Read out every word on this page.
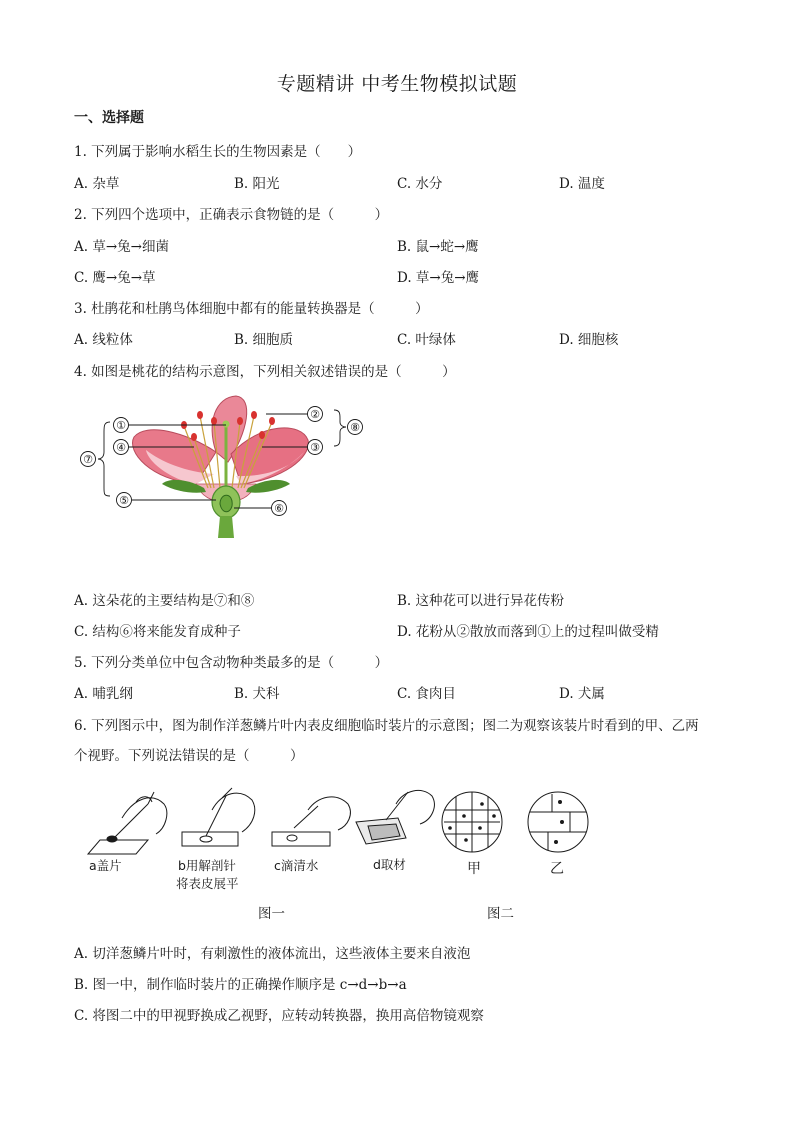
专题精讲 中考生物模拟试题
一、选择题
1. 下列属于影响水稻生长的生物因素是（　　）
A. 杂草	B. 阳光	C. 水分	D. 温度
2. 下列四个选项中，正确表示食物链的是（　　　）
A. 草→兔→细菌	B. 鼠→蛇→鹰
C. 鹰→兔→草	D. 草→兔→鹰
3. 杜鹃花和杜鹃鸟体细胞中都有的能量转换器是（　　　）
A. 线粒体	B. 细胞质	C. 叶绿体	D. 细胞核
4. 如图是桃花的结构示意图，下列相关叙述错误的是（　　　）
①
②
③
④
⑤
⑥
⑦
⑧
A. 这朵花的主要结构是⑦和⑧	B. 这种花可以进行异花传粉
C. 结构⑥将来能发育成种子	D. 花粉从②散放而落到①上的过程叫做受精
5. 下列分类单位中包含动物种类最多的是（　　　）
A. 哺乳纲	B. 犬科	C. 食肉目	D. 犬属
6. 下列图示中，图为制作洋葱鳞片叶内表皮细胞临时装片的示意图；图二为观察该装片时看到的甲、乙两
个视野。下列说法错误的是（　　　）
a盖片	b用解剖针
将表皮展平
c滴清水	d取材	甲	乙
图一	图二
A. 切洋葱鳞片叶时，有刺激性的液体流出，这些液体主要来自液泡
B. 图一中，制作临时装片的正确操作顺序是 c→d→b→a
C. 将图二中的甲视野换成乙视野，应转动转换器，换用高倍物镜观察
